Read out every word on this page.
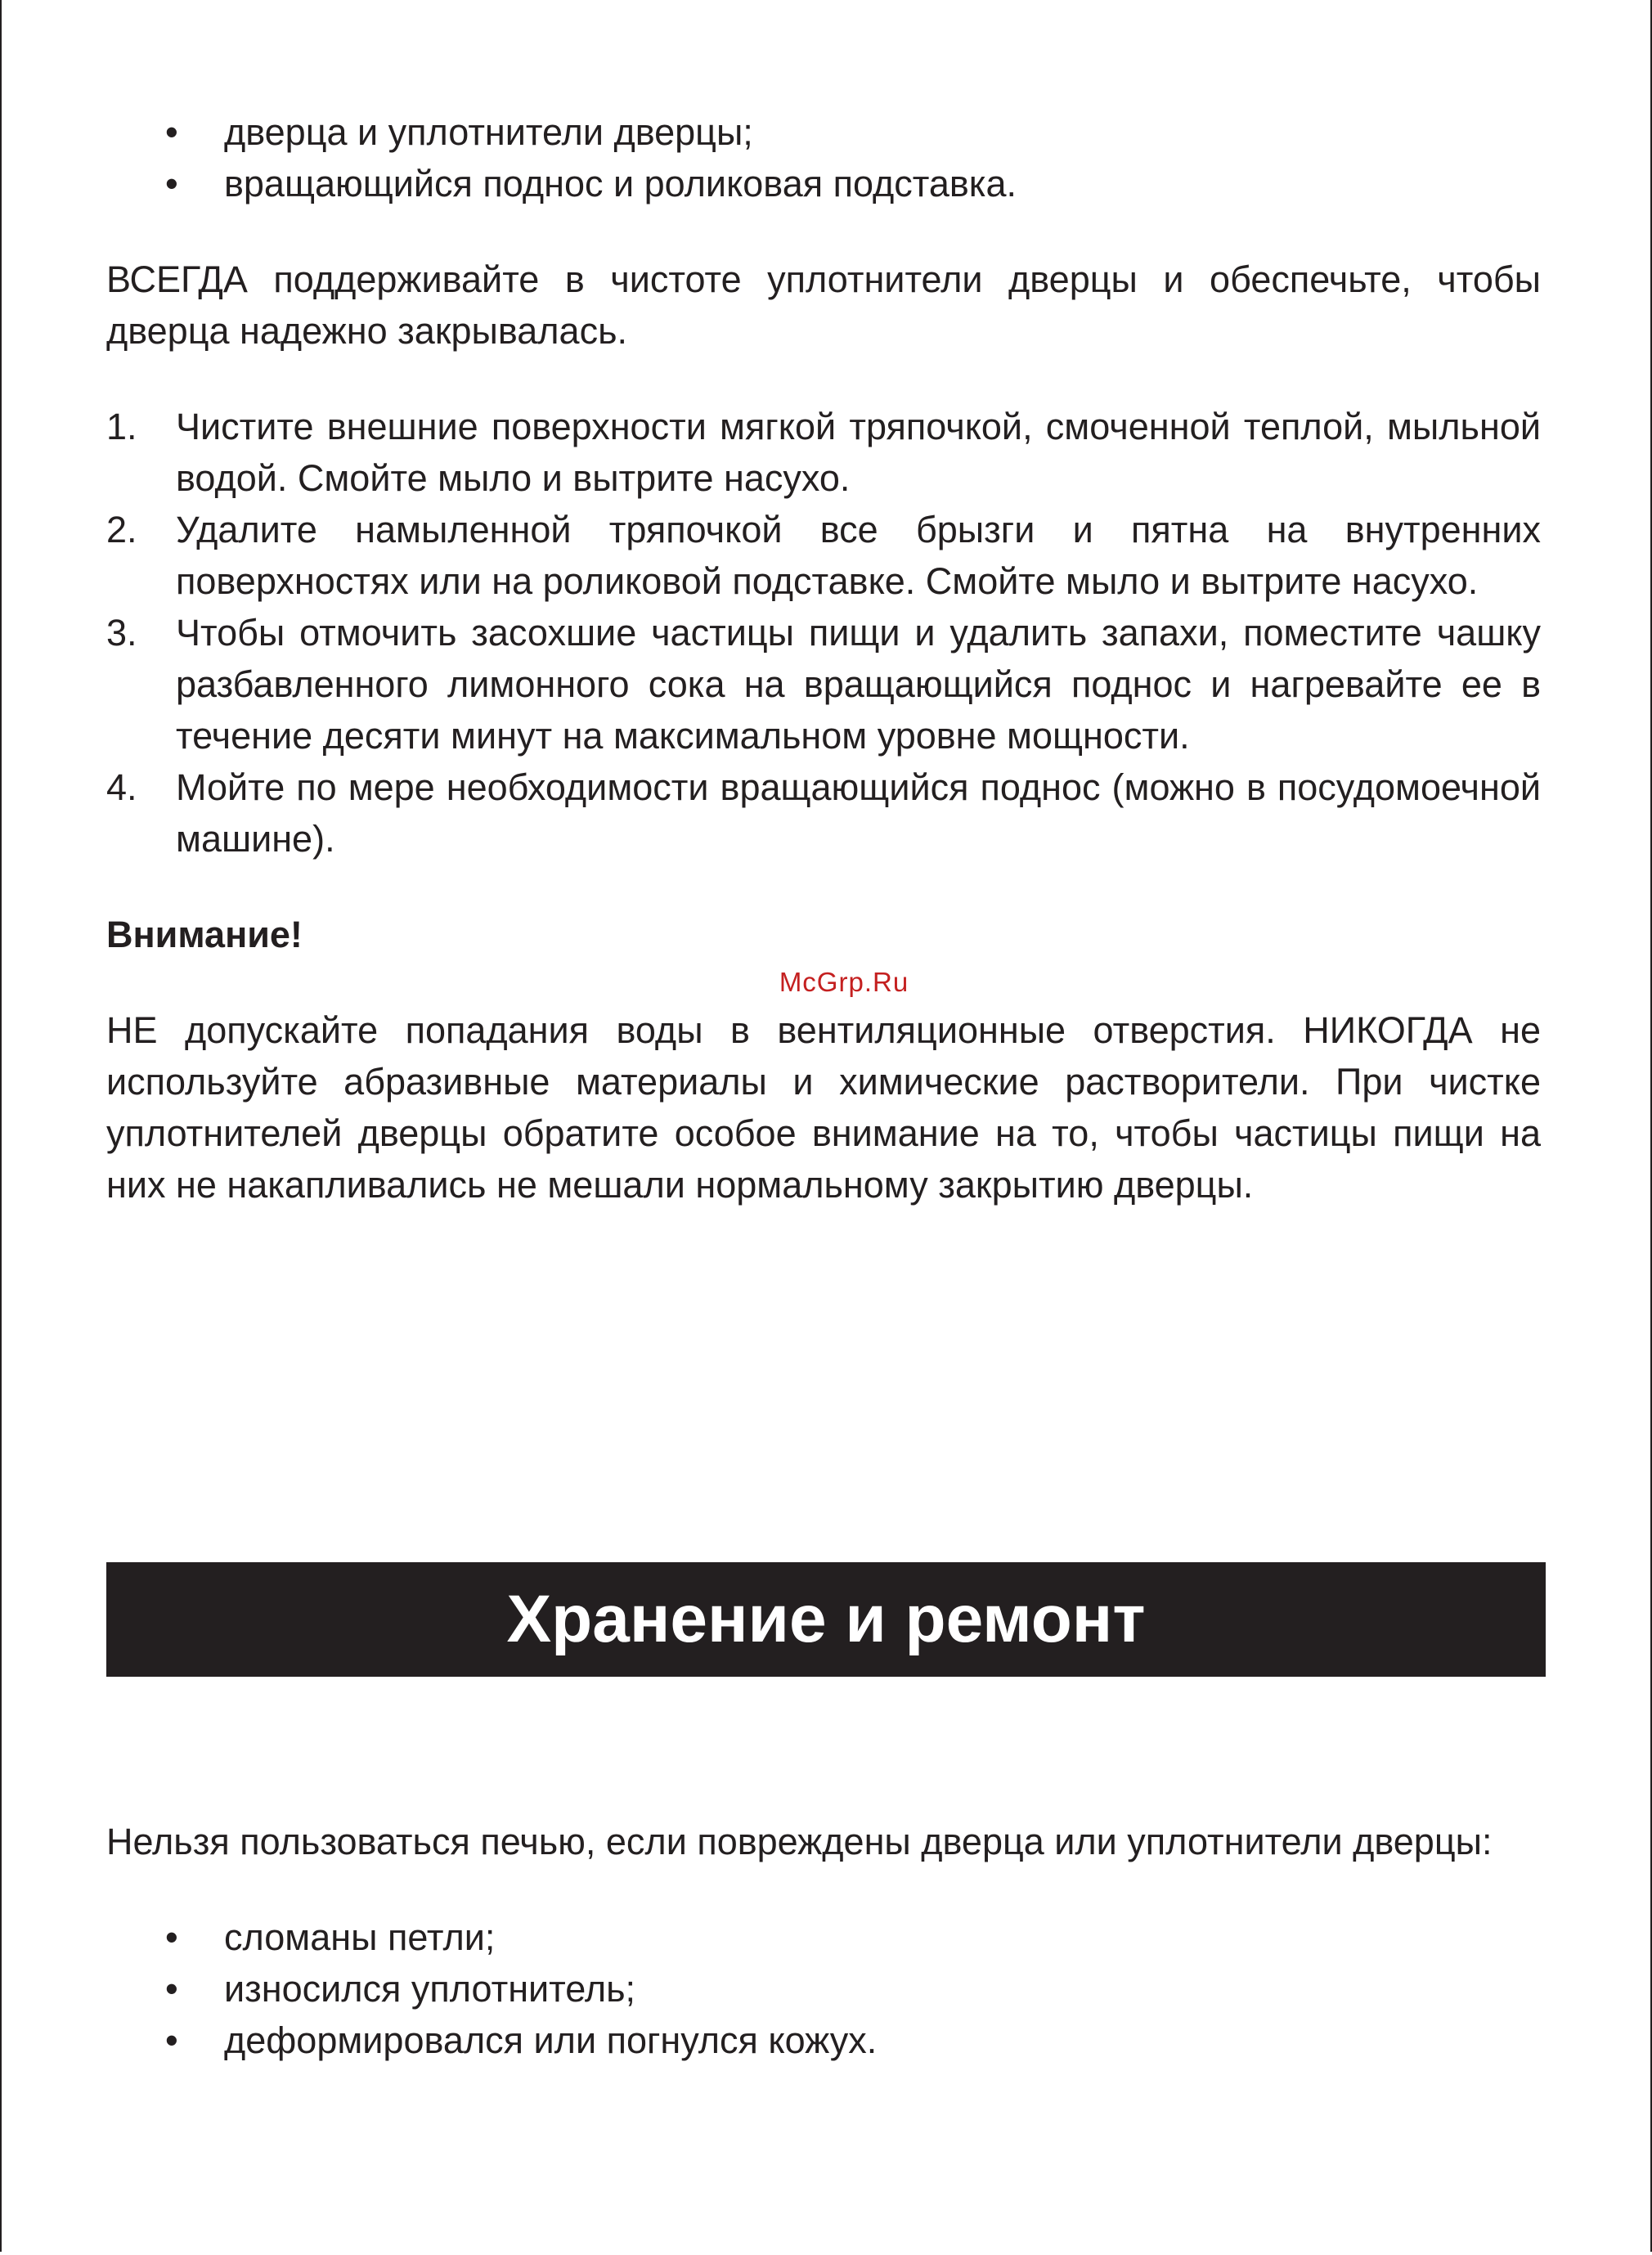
• дверца и уплотнители дверцы;
• вращающийся поднос и роликовая подставка.

ВСЕГДА поддерживайте в чистоте уплотнители дверцы и обеспечьте, чтобы дверца надежно закрывалась.

1. Чистите внешние поверхности мягкой тряпочкой, смоченной теплой, мыльной водой. Смойте мыло и вытрите насухо.
2. Удалите намыленной тряпочкой все брызги и пятна на внутренних поверхностях или на роликовой подставке. Смойте мыло и вытрите насухо.
3. Чтобы отмочить засохшие частицы пищи и удалить запахи, поместите чашку разбавленного лимонного сока на вращающийся поднос и нагревайте ее в течение десяти минут на максимальном уровне мощности.
4. Мойте по мере необходимости вращающийся поднос (можно в посудомоечной машине).

Внимание!

McGrp.Ru

НЕ допускайте попадания воды в вентиляционные отверстия. НИКОГДА не используйте абразивные материалы и химические растворители. При чистке уплотнителей дверцы обратите особое внимание на то, чтобы частицы пищи на них не накапливались не мешали нормальному закрытию дверцы.

Хранение и ремонт

Нельзя пользоваться печью, если повреждены дверца или уплотнители дверцы:

• сломаны петли;
• износился уплотнитель;
• деформировался или погнулся кожух.
